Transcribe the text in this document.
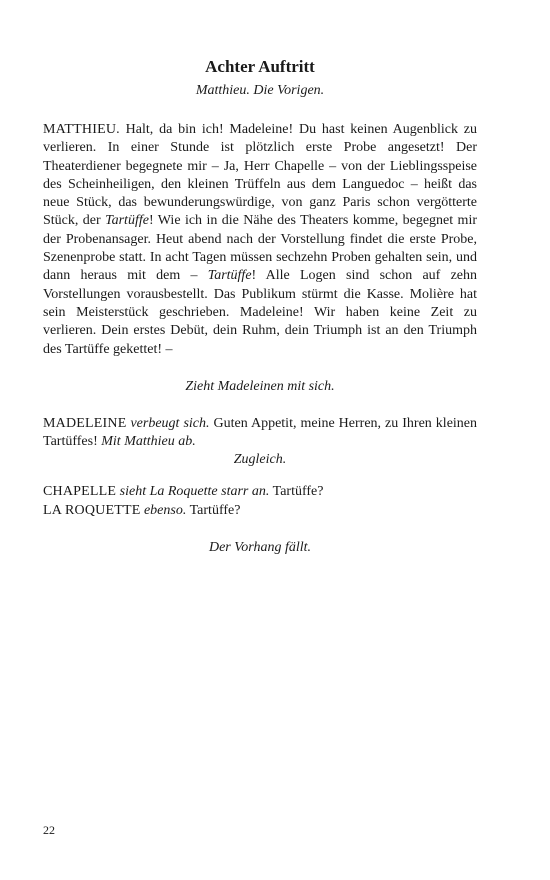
Achter Auftritt
Matthieu. Die Vorigen.

MATTHIEU. Halt, da bin ich! Madeleine! Du hast keinen Augenblick zu verlieren. In einer Stunde ist plötzlich erste Probe angesetzt! Der Theaterdiener begegnete mir – Ja, Herr Chapelle – von der Lieblingsspeise des Scheinheiligen, den kleinen Trüffeln aus dem Languedoc – heißt das neue Stück, das bewunderungswürdige, von ganz Paris schon vergötterte Stück, der Tartüffe! Wie ich in die Nähe des Theaters komme, begegnet mir der Probenansager. Heut abend nach der Vorstellung findet die erste Probe, Szenenprobe statt. In acht Tagen müssen sechzehn Proben gehalten sein, und dann heraus mit dem – Tartüffe! Alle Logen sind schon auf zehn Vorstellungen vorausbestellt. Das Publikum stürmt die Kasse. Molière hat sein Meisterstück geschrieben. Madeleine! Wir haben keine Zeit zu verlieren. Dein erstes Debüt, dein Ruhm, dein Triumph ist an den Triumph des Tartüffe gekettet! –

Zieht Madeleinen mit sich.

MADELEINE verbeugt sich. Guten Appetit, meine Herren, zu Ihren kleinen Tartüffes! Mit Matthieu ab.

Zugleich.

CHAPELLE sieht La Roquette starr an. Tartüffe?

LA ROQUETTE ebenso. Tartüffe?

Der Vorhang fällt.
22
